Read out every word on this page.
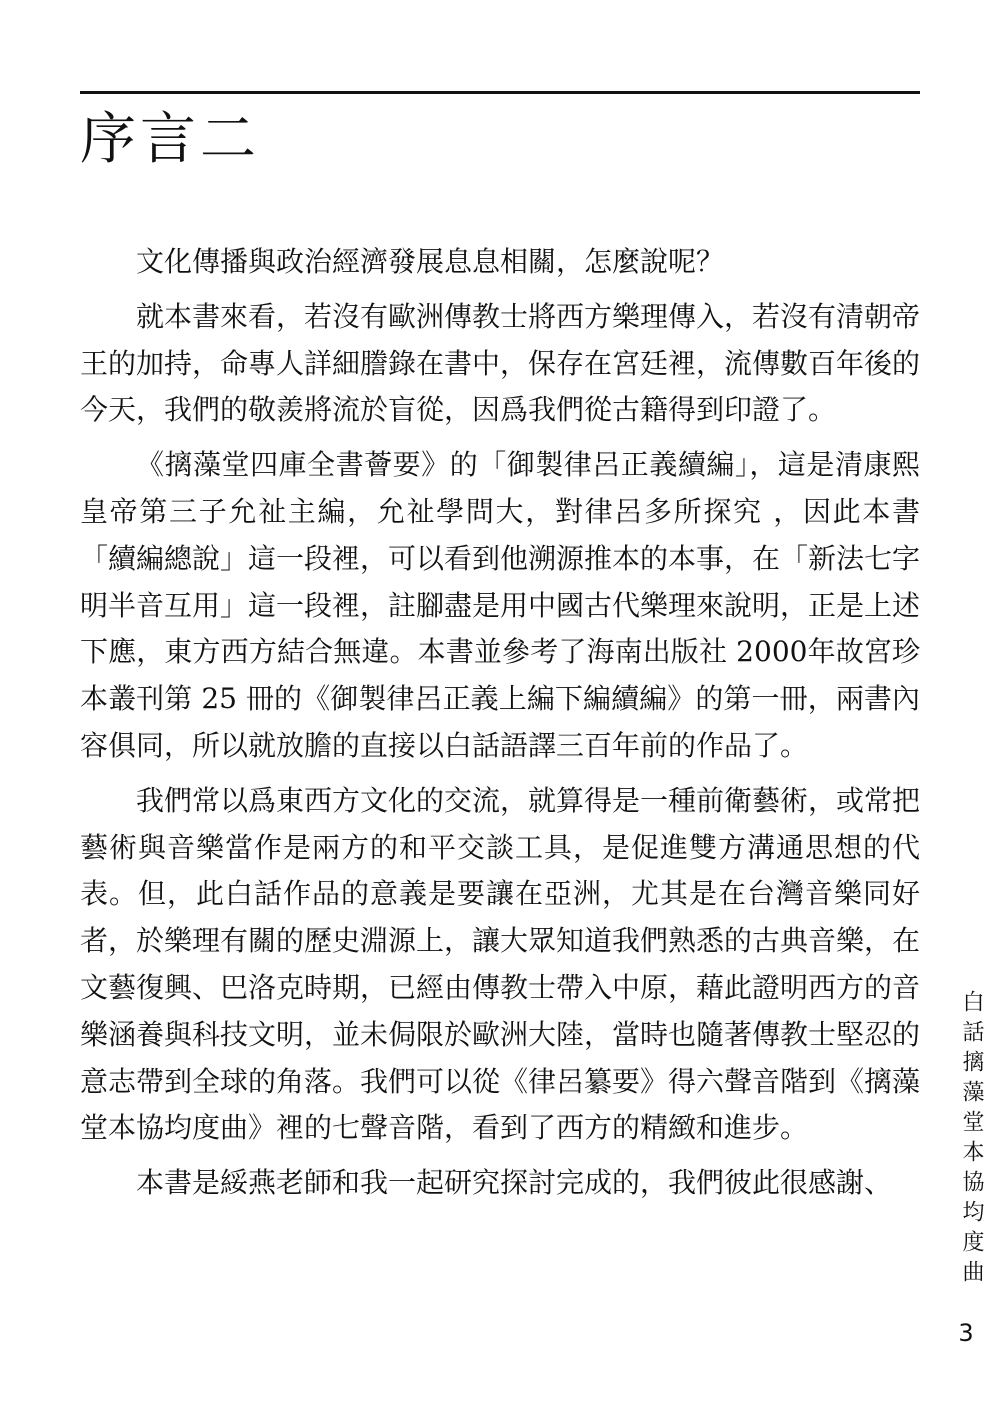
序言二

文化傳播與政治經濟發展息息相關，怎麼說呢？

就本書來看，若沒有歐洲傳教士將西方樂理傳入，若沒有清朝帝王的加持，命專人詳細謄錄在書中，保存在宮廷裡，流傳數百年後的今天，我們的敬羨將流於盲從，因爲我們從古籍得到印證了。

《摛藻堂四庫全書薈要》的「御製律呂正義續編」，這是清康熙皇帝第三子允祉主編，允祉學問大，對律呂多所探究 ，因此本書「續編總說」這一段裡，可以看到他溯源推本的本事，在「新法七字明半音互用」這一段裡，註腳盡是用中國古代樂理來說明，正是上述下應，東方西方結合無違。本書並參考了海南出版社 2000年故宮珍本叢刊第 25 冊的《御製律呂正義上編下編續編》的第一冊，兩書內容俱同，所以就放膽的直接以白話語譯三百年前的作品了。

我們常以爲東西方文化的交流，就算得是一種前衛藝術，或常把藝術與音樂當作是兩方的和平交談工具，是促進雙方溝通思想的代表。但，此白話作品的意義是要讓在亞洲，尤其是在台灣音樂同好者，於樂理有關的歷史淵源上，讓大眾知道我們熟悉的古典音樂，在文藝復興、巴洛克時期，已經由傳教士帶入中原，藉此證明西方的音樂涵養與科技文明，並未侷限於歐洲大陸，當時也隨著傳教士堅忍的意志帶到全球的角落。我們可以從《律呂纂要》得六聲音階到《摛藻堂本協均度曲》裡的七聲音階，看到了西方的精緻和進步。

本書是綏燕老師和我一起研究探討完成的，我們彼此很感謝、	白話摛藻堂本協均度曲
3
